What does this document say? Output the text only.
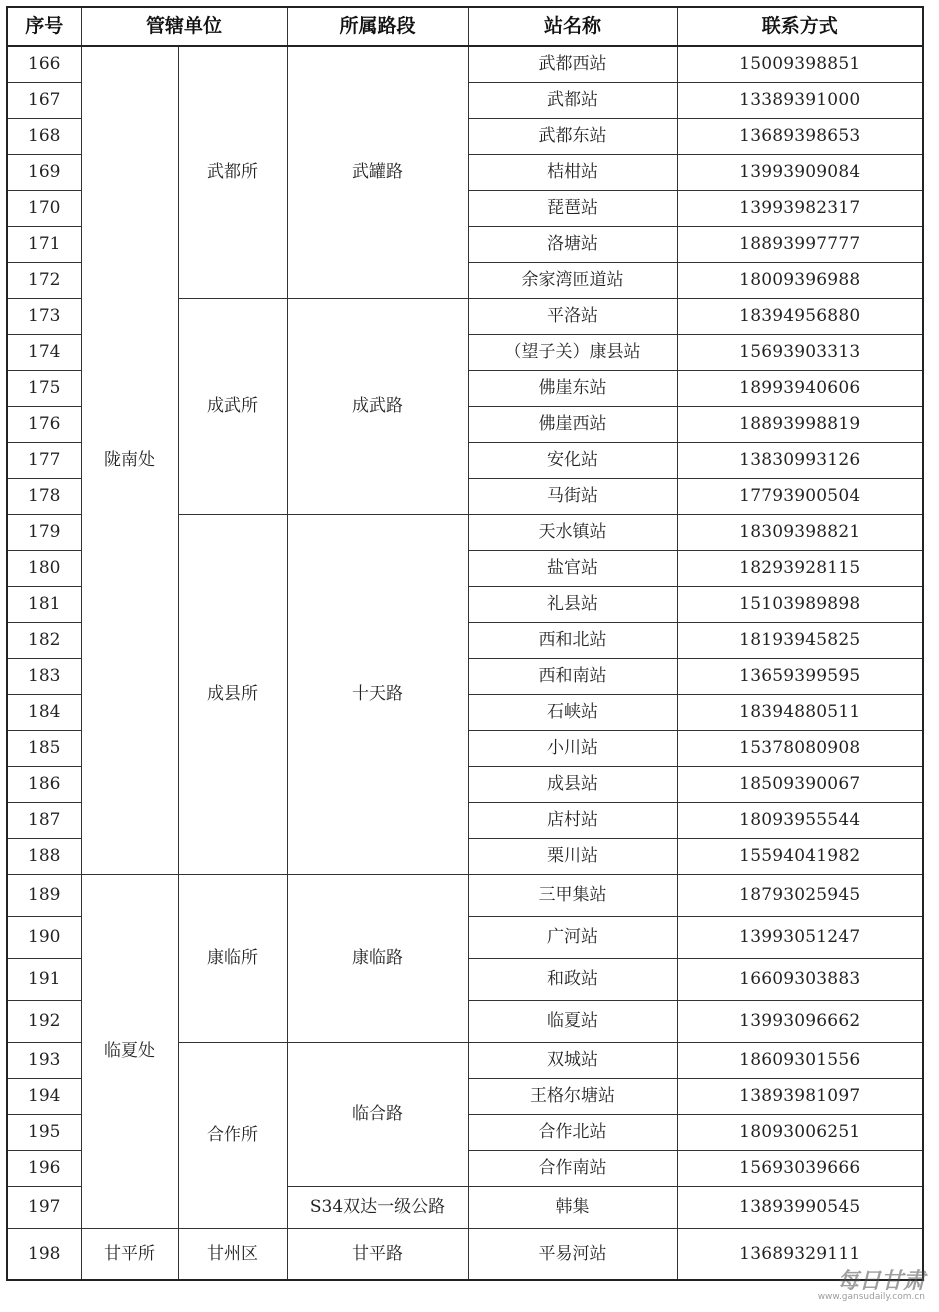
序号	管辖单位		所属路段	站名称	联系方式
166	陇南处	武都所	武罐路	武都西站	15009398851
167				武都站	13389391000
168				武都东站	13689398653
169				桔柑站	13993909084
170				琵琶站	13993982317
171				洛塘站	18893997777
172				余家湾匝道站	18009396988
173		成武所	成武路	平洛站	18394956880
174				（望子关）康县站	15693903313
175				佛崖东站	18993940606
176				佛崖西站	18893998819
177				安化站	13830993126
178				马街站	17793900504
179		成县所	十天路	天水镇站	18309398821
180				盐官站	18293928115
181				礼县站	15103989898
182				西和北站	18193945825
183				西和南站	13659399595
184				石峡站	18394880511
185				小川站	15378080908
186				成县站	18509390067
187				店村站	18093955544
188				栗川站	15594041982
189	临夏处	康临所	康临路	三甲集站	18793025945
190				广河站	13993051247
191				和政站	16609303883
192				临夏站	13993096662
193		合作所	临合路	双城站	18609301556
194				王格尔塘站	13893981097
195				合作北站	18093006251
196				合作南站	15693039666
197			S34双达一级公路	韩集	13893990545
198	甘平所	甘州区	甘平路	平易河站	13689329111
每日甘肃
www.gansudaily.com.cn
